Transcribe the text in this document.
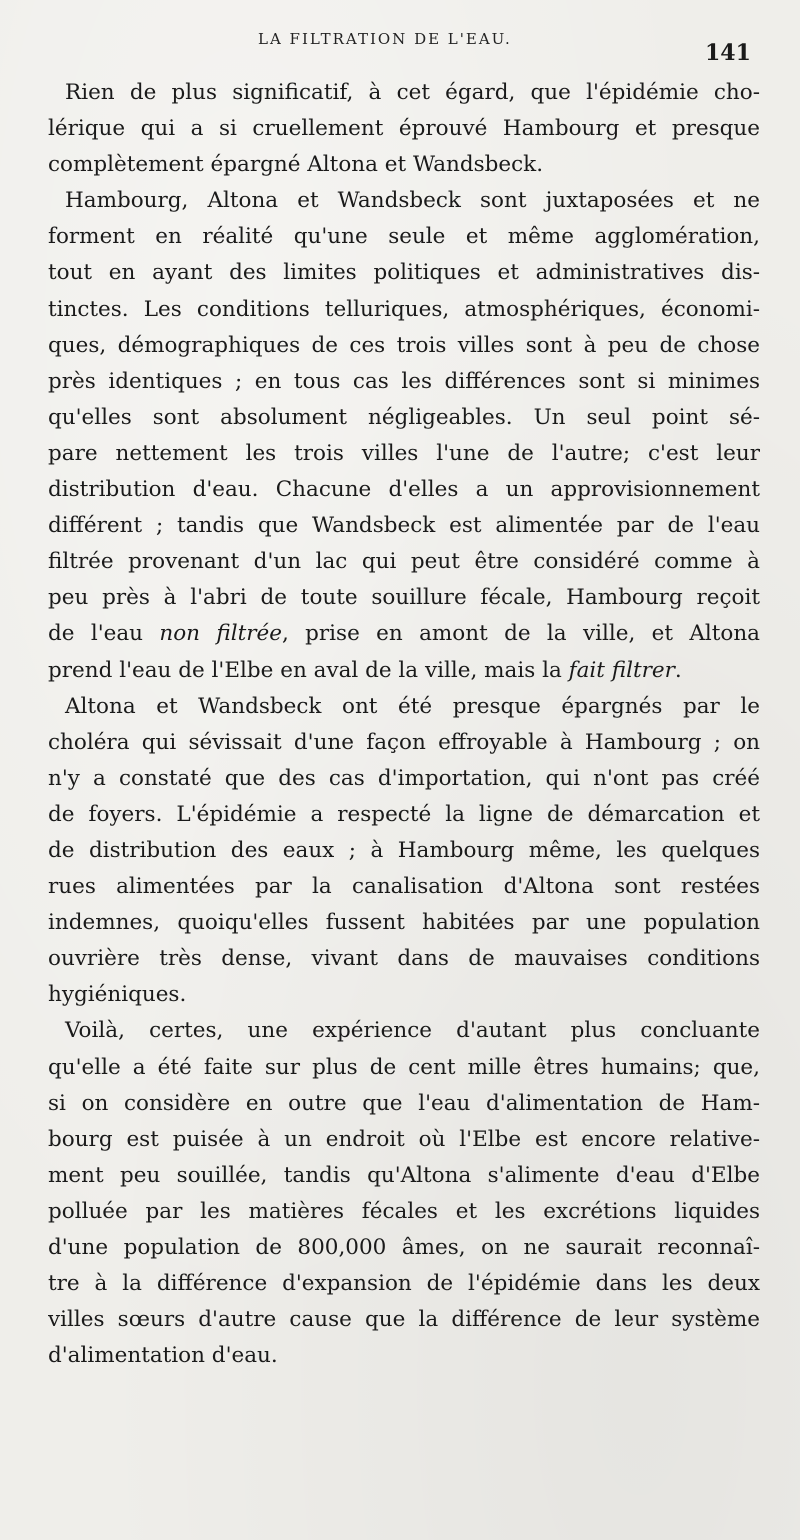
LA FILTRATION DE L'EAU.
141
Rien de plus significatif, à cet égard, que l'épidémie cho-
lérique qui a si cruellement éprouvé Hambourg et presque
complètement épargné Altona et Wandsbeck.
Hambourg, Altona et Wandsbeck sont juxtaposées et ne
forment en réalité qu'une seule et même agglomération,
tout en ayant des limites politiques et administratives dis-
tinctes. Les conditions telluriques, atmosphériques, économi-
ques, démographiques de ces trois villes sont à peu de chose
près identiques ; en tous cas les différences sont si minimes
qu'elles sont absolument négligeables. Un seul point sé-
pare nettement les trois villes l'une de l'autre; c'est leur
distribution d'eau. Chacune d'elles a un approvisionnement
différent ; tandis que Wandsbeck est alimentée par de l'eau
filtrée provenant d'un lac qui peut être considéré comme à
peu près à l'abri de toute souillure fécale, Hambourg reçoit
de l'eau non filtrée, prise en amont de la ville, et Altona
prend l'eau de l'Elbe en aval de la ville, mais la fait filtrer.
Altona et Wandsbeck ont été presque épargnés par le
choléra qui sévissait d'une façon effroyable à Hambourg ; on
n'y a constaté que des cas d'importation, qui n'ont pas créé
de foyers. L'épidémie a respecté la ligne de démarcation et
de distribution des eaux ; à Hambourg même, les quelques
rues alimentées par la canalisation d'Altona sont restées
indemnes, quoiqu'elles fussent habitées par une population
ouvrière très dense, vivant dans de mauvaises conditions
hygiéniques.
Voilà, certes, une expérience d'autant plus concluante
qu'elle a été faite sur plus de cent mille êtres humains; que,
si on considère en outre que l'eau d'alimentation de Ham-
bourg est puisée à un endroit où l'Elbe est encore relative-
ment peu souillée, tandis qu'Altona s'alimente d'eau d'Elbe
polluée par les matières fécales et les excrétions liquides
d'une population de 800,000 âmes, on ne saurait reconnaî-
tre à la différence d'expansion de l'épidémie dans les deux
villes sœurs d'autre cause que la différence de leur système
d'alimentation d'eau.
